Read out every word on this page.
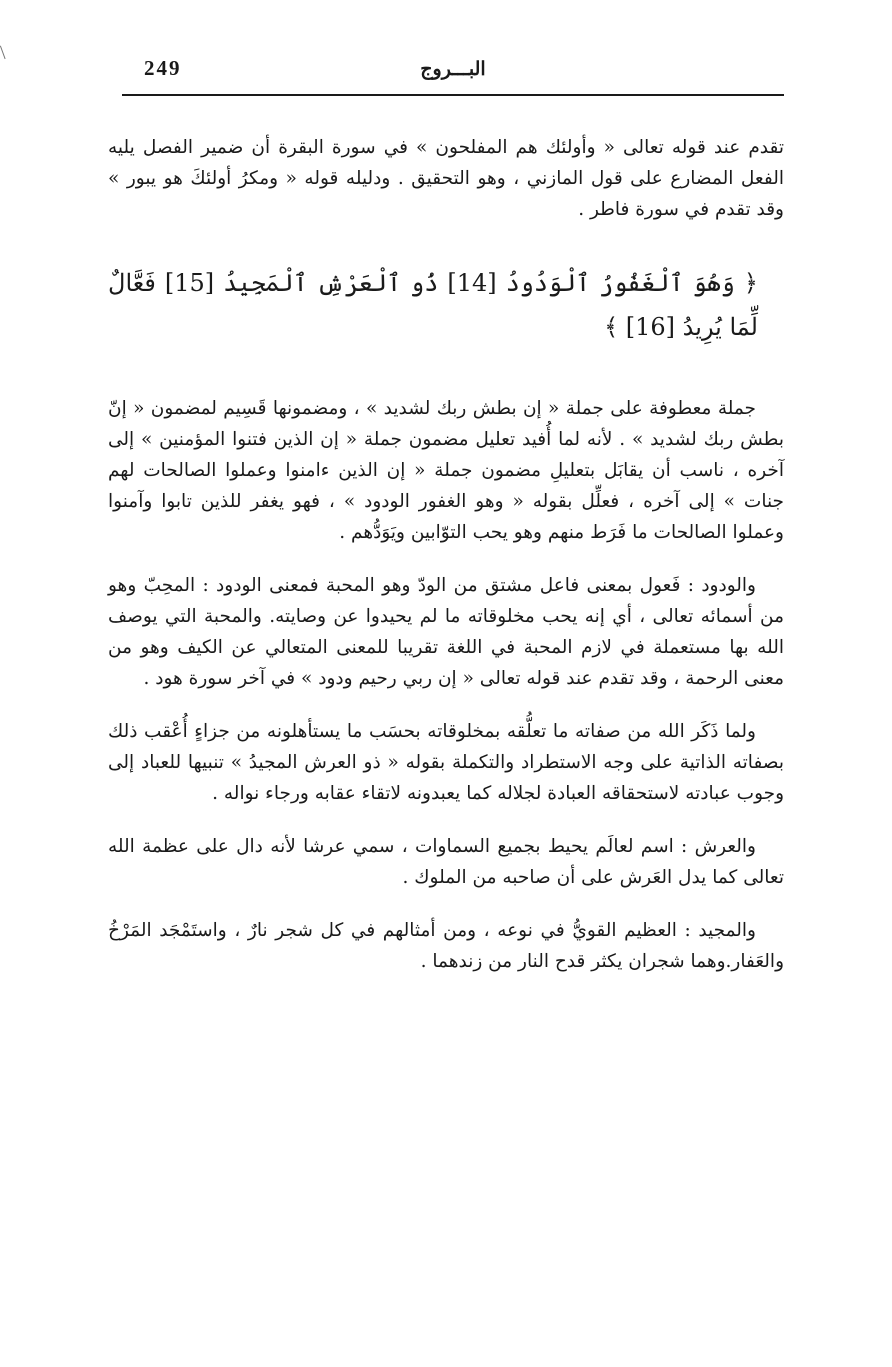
249	البـــروج

تقدم عند قوله تعالى « وأولئك هم المفلحون » في سورة البقرة أن ضمير الفصل يليه الفعل المضارع على قول المازني ، وهو التحقيق . ودليله قوله « ومكرُ أولئكَ هو يبور » وقد تقدم في سورة فاطر .

﴿ وَهُوَ ٱلْغَفُورُ ٱلْوَدُودُ [14] ذُو ٱلْعَرْشِ ٱلْمَجِيدُ [15] فَعَّالٌ لِّمَا يُرِيدُ [16] ﴾

جملة معطوفة على جملة « إن بطش ربك لشديد » ، ومضمونها قَسِيم لمضمون « إنّ بطش ربك لشديد » . لأنه لما أُفيد تعليل مضمون جملة « إن الذين فتنوا المؤمنين » إلى آخره ، ناسب أن يقابَل بتعليلِ مضمون جملة « إن الذين ءامنوا وعملوا الصالحات لهم جنات » إلى آخره ، فعلِّل بقوله « وهو الغفور الودود » ، فهو يغفر للذين تابوا وآمنوا وعملوا الصالحات ما فَرَط منهم وهو يحب التوّابين ويَوَدُّهم .

والودود : فَعول بمعنى فاعل مشتق من الودّ وهو المحبة فمعنى الودود : المحِبّ وهو من أسمائه تعالى ، أي إنه يحب مخلوقاته ما لم يحيدوا عن وصايته. والمحبة التي يوصف الله بها مستعملة في لازم المحبة في اللغة تقريبا للمعنى المتعالي عن الكيف وهو من معنى الرحمة ، وقد تقدم عند قوله تعالى « إن ربي رحيم ودود » في آخر سورة هود .

ولما ذَكَر الله من صفاته ما تعلُّقه بمخلوقاته بحسَب ما يستأهلونه من جزاءٍ أُعْقب ذلك بصفاته الذاتية على وجه الاستطراد والتكملة بقوله « ذو العرش المجيدُ » تنبيها للعباد إلى وجوب عبادته لاستحقاقه العبادة لجلاله كما يعبدونه لاتقاء عقابه ورجاء نواله .

والعرش : اسم لعالَم يحيط بجميع السماوات ، سمي عرشا لأنه دال على عظمة الله تعالى كما يدل العَرش على أن صاحبه من الملوك .

والمجيد : العظيم القويُّ في نوعه ، ومن أمثالهم في كل شجر نارٌ ، واستَمْجَد المَرْخُ والعَفار.وهما شجران يكثر قدح النار من زندهما .
